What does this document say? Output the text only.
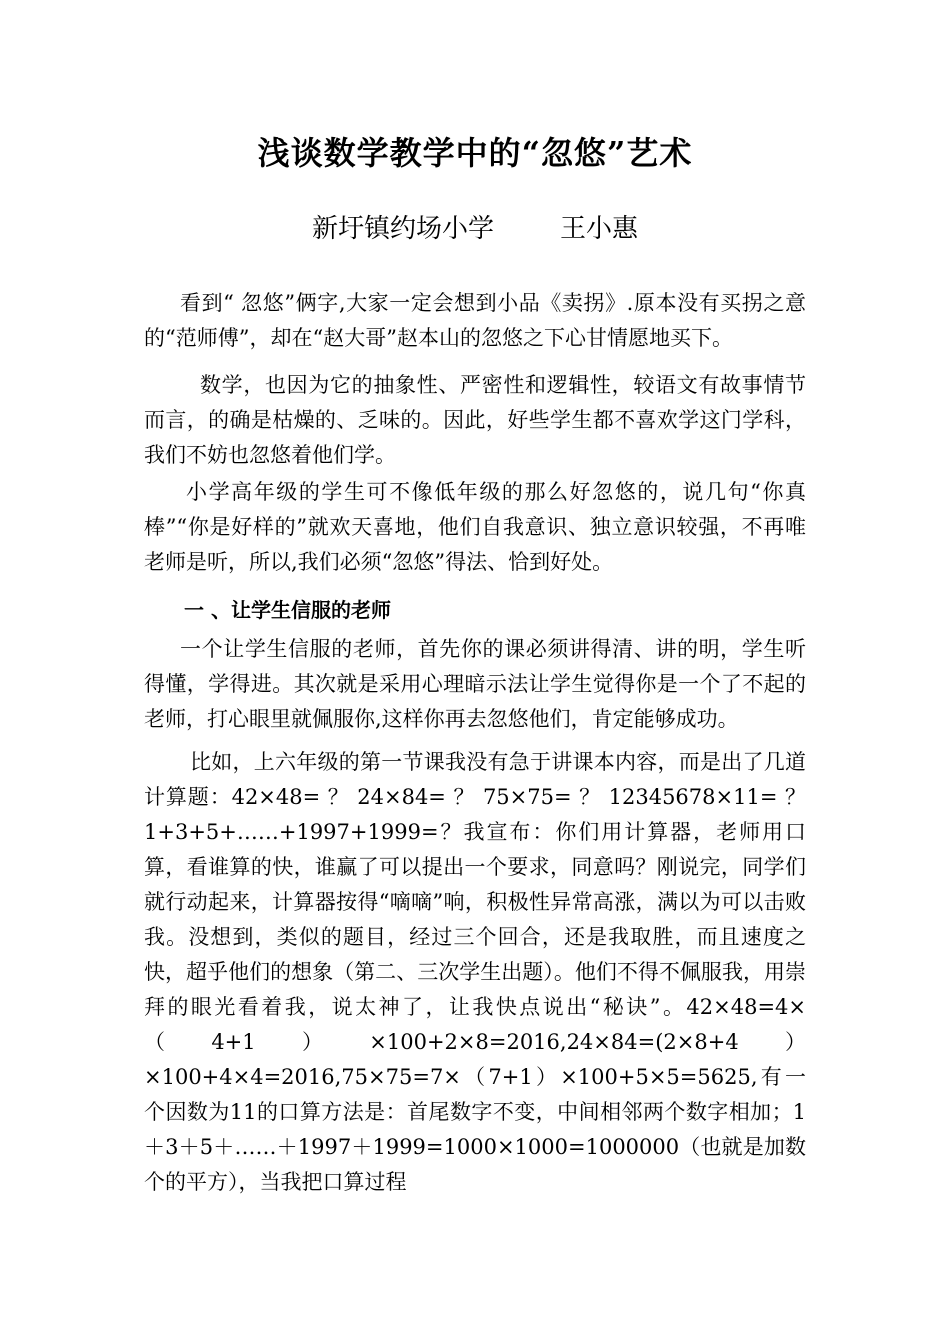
浅谈数学教学中的“忽悠”艺术
新圩镇约场小学	王小惠

看到“ 忽悠”俩字,大家一定会想到小品《卖拐》.原本没有买拐之意的“范师傅”，却在“赵大哥”赵本山的忽悠之下心甘情愿地买下。

数学，也因为它的抽象性、严密性和逻辑性，较语文有故事情节而言，的确是枯燥的、乏味的。因此，好些学生都不喜欢学这门学科，我们不妨也忽悠着他们学。

小学高年级的学生可不像低年级的那么好忽悠的，说几句“你真棒”“你是好样的”就欢天喜地，他们自我意识、独立意识较强，不再唯老师是听，所以,我们必须“忽悠”得法、恰到好处。

一 、让学生信服的老师

一个让学生信服的老师，首先你的课必须讲得清、讲的明，学生听得懂，学得进。其次就是采用心理暗示法让学生觉得你是一个了不起的老师，打心眼里就佩服你,这样你再去忽悠他们，肯定能够成功。

比如，上六年级的第一节课我没有急于讲课本内容，而是出了几道计算题：42×48= ？ 24×84= ？ 75×75= ？ 12345678×11= ？ 1+3+5+……+1997+1999=？我宣布：你们用计算器，老师用口算，看谁算的快，谁赢了可以提出一个要求，同意吗？刚说完，同学们就行动起来，计算器按得“嘀嘀”响，积极性异常高涨，满以为可以击败我。没想到，类似的题目，经过三个回合，还是我取胜，而且速度之快，超乎他们的想象（第二、三次学生出题）。他们不得不佩服我，用崇拜的眼光看着我，说太神了，让我快点说出“秘诀”。42×48=4×（4+1）×100+2×8=2016,24×84=(2×8+4）×100+4×4=2016,75×75=7×（7+1）×100+5×5=5625,有一个因数为11的口算方法是：首尾数字不变，中间相邻两个数字相加；1＋3＋5＋……＋1997＋1999=1000×1000=1000000（也就是加数个的平方），当我把口算过程
